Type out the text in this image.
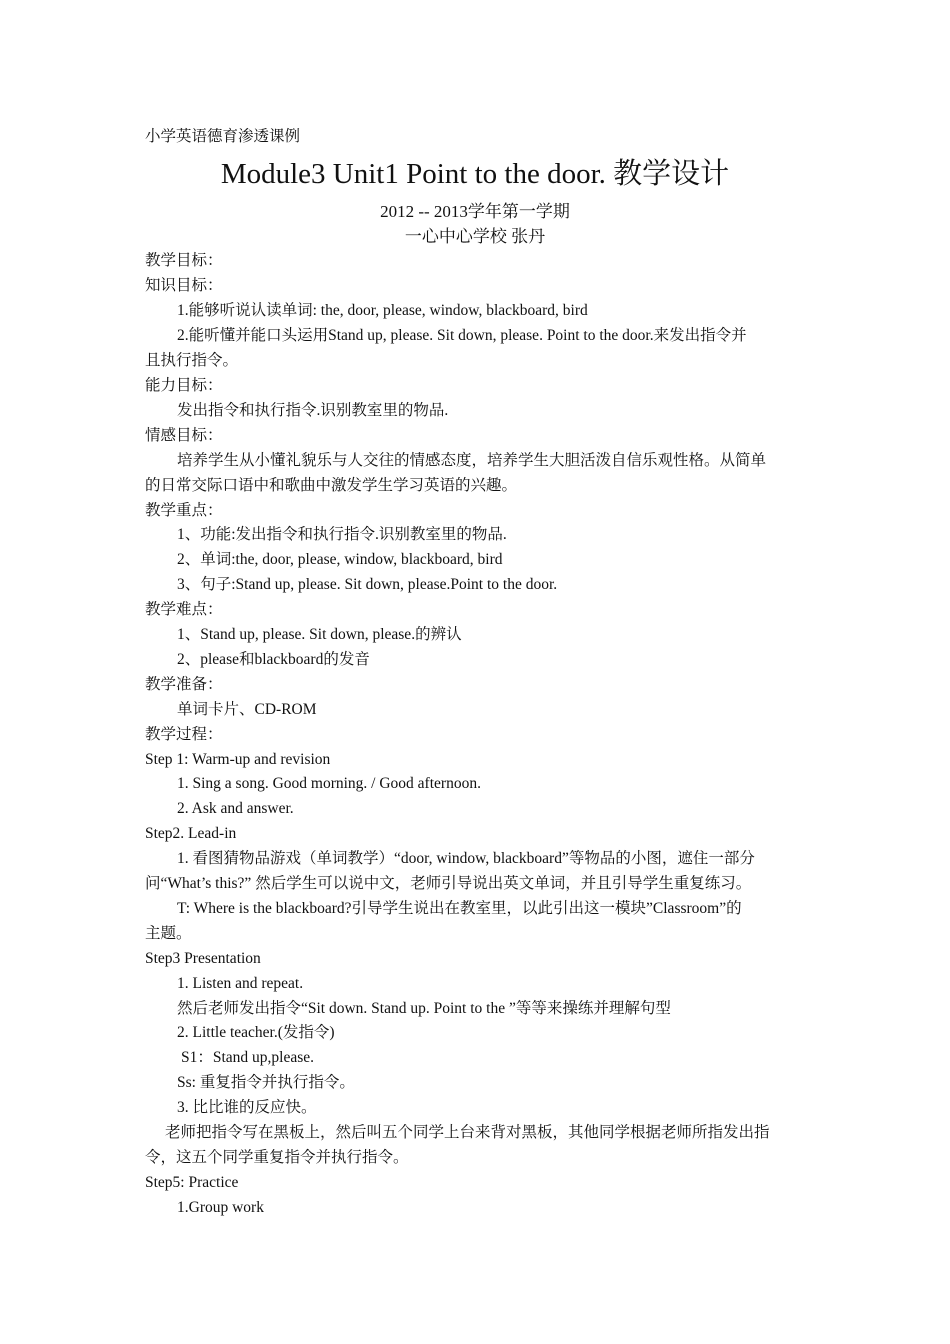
小学英语德育渗透课例
Module3 Unit1 Point to the door. 教学设计
2012 -- 2013学年第一学期
一心中心学校 张丹
教学目标：
知识目标：
1.能够听说认读单词: the, door, please, window, blackboard, bird
2.能听懂并能口头运用Stand up, please. Sit down, please. Point to the door.来发出指令并
且执行指令。
能力目标：
发出指令和执行指令.识别教室里的物品.
情感目标：
培养学生从小懂礼貌乐与人交往的情感态度，培养学生大胆活泼自信乐观性格。从简单
的日常交际口语中和歌曲中激发学生学习英语的兴趣。
教学重点：
1、功能:发出指令和执行指令.识别教室里的物品.
2、单词:the, door, please, window, blackboard, bird
3、句子:Stand up, please. Sit down, please.Point to the door.
教学难点：
1、Stand up, please. Sit down, please.的辨认
2、please和blackboard的发音
教学准备：
单词卡片、CD-ROM
教学过程：
Step 1: Warm-up and revision
1. Sing a song. Good morning. / Good afternoon.
2. Ask and answer.
Step2. Lead-in
1. 看图猜物品游戏（单词教学）“door, window, blackboard”等物品的小图，遮住一部分
问“What’s this?” 然后学生可以说中文，老师引导说出英文单词，并且引导学生重复练习。
T: Where is the blackboard?引导学生说出在教室里，以此引出这一模块”Classroom”的
主题。
Step3 Presentation
1. Listen and repeat.
然后老师发出指令“Sit down. Stand up. Point to the ”等等来操练并理解句型
2. Little teacher.(发指令)
S1：Stand up,please.
Ss: 重复指令并执行指令。
3. 比比谁的反应快。
老师把指令写在黑板上，然后叫五个同学上台来背对黑板，其他同学根据老师所指发出指
令，这五个同学重复指令并执行指令。
Step5: Practice
1.Group work
